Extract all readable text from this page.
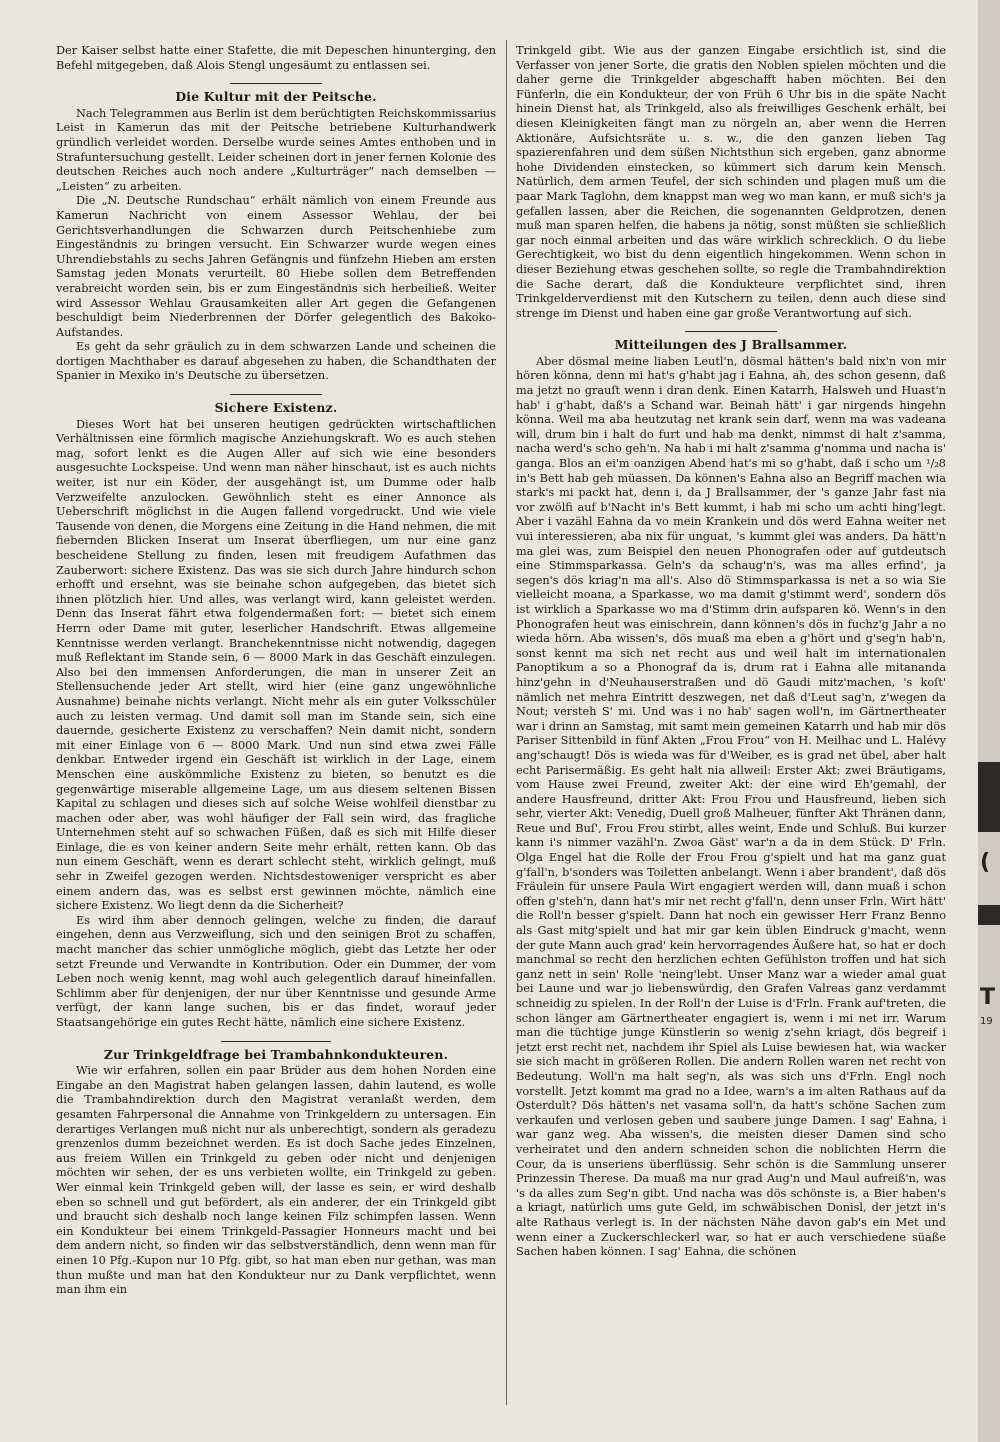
Der Kaiser selbst hatte einer Stafette, die mit Depeschen hinunterging, den Befehl mitgegeben, daß Alois Stengl ungesäumt zu entlassen sei.

Die Kultur mit der Peitsche.

Nach Telegrammen aus Berlin ist dem berüchtigten Reichskommissarius Leist in Kamerun das mit der Peitsche betriebene Kulturhandwerk gründlich verleidet worden. Derselbe wurde seines Amtes enthoben und in Strafuntersuchung gestellt. Leider scheinen dort in jener fernen Kolonie des deutschen Reiches auch noch andere „Kulturträger“ nach demselben — „Leisten“ zu arbeiten.

Die „N. Deutsche Rundschau“ erhält nämlich von einem Freunde aus Kamerun Nachricht von einem Assessor Wehlau, der bei Gerichtsverhandlungen die Schwarzen durch Peitschenhiebe zum Eingeständnis zu bringen versucht. Ein Schwarzer wurde wegen eines Uhrendiebstahls zu sechs Jahren Gefängnis und fünfzehn Hieben am ersten Samstag jeden Monats verurteilt. 80 Hiebe sollen dem Betreffenden verabreicht worden sein, bis er zum Eingeständnis sich herbeiließ. Weiter wird Assessor Wehlau Grausamkeiten aller Art gegen die Gefangenen beschuldigt beim Niederbrennen der Dörfer gelegentlich des Bakoko-Aufstandes.

Es geht da sehr gräulich zu in dem schwarzen Lande und scheinen die dortigen Machthaber es darauf abgesehen zu haben, die Schandthaten der Spanier in Mexiko in's Deutsche zu übersetzen.

Sichere Existenz.

Dieses Wort hat bei unseren heutigen gedrückten wirtschaftlichen Verhältnissen eine förmlich magische Anziehungskraft. Wo es auch stehen mag, sofort lenkt es die Augen Aller auf sich wie eine besonders ausgesuchte Lockspeise. Und wenn man näher hinschaut, ist es auch nichts weiter, ist nur ein Köder, der ausgehängt ist, um Dumme oder halb Verzweifelte anzulocken. Gewöhnlich steht es einer Annonce als Ueberschrift möglichst in die Augen fallend vorgedruckt. Und wie viele Tausende von denen, die Morgens eine Zeitung in die Hand nehmen, die mit fiebernden Blicken Inserat um Inserat überfliegen, um nur eine ganz bescheidene Stellung zu finden, lesen mit freudigem Aufathmen das Zauberwort: sichere Existenz. Das was sie sich durch Jahre hindurch schon erhofft und ersehnt, was sie beinahe schon aufgegeben, das bietet sich ihnen plötzlich hier. Und alles, was verlangt wird, kann geleistet werden. Denn das Inserat fährt etwa folgendermaßen fort: — bietet sich einem Herrn oder Dame mit guter, leserlicher Handschrift. Etwas allgemeine Kenntnisse werden verlangt. Branchekenntnisse nicht notwendig, dagegen muß Reflektant im Stande sein, 6 — 8000 Mark in das Geschäft einzulegen. Also bei den immensen Anforderungen, die man in unserer Zeit an Stellensuchende jeder Art stellt, wird hier (eine ganz ungewöhnliche Ausnahme) beinahe nichts verlangt. Nicht mehr als ein guter Volksschüler auch zu leisten vermag. Und damit soll man im Stande sein, sich eine dauernde, gesicherte Existenz zu verschaffen? Nein damit nicht, sondern mit einer Einlage von 6 — 8000 Mark. Und nun sind etwa zwei Fälle denkbar. Entweder irgend ein Geschäft ist wirklich in der Lage, einem Menschen eine auskömmliche Existenz zu bieten, so benutzt es die gegenwärtige miserable allgemeine Lage, um aus diesem seltenen Bissen Kapital zu schlagen und dieses sich auf solche Weise wohlfeil dienstbar zu machen oder aber, was wohl häufiger der Fall sein wird, das fragliche Unternehmen steht auf so schwachen Füßen, daß es sich mit Hilfe dieser Einlage, die es von keiner andern Seite mehr erhält, retten kann. Ob das nun einem Geschäft, wenn es derart schlecht steht, wirklich gelingt, muß sehr in Zweifel gezogen werden. Nichtsdestoweniger verspricht es aber einem andern das, was es selbst erst gewinnen möchte, nämlich eine sichere Existenz. Wo liegt denn da die Sicherheit?

Es wird ihm aber dennoch gelingen, welche zu finden, die darauf eingehen, denn aus Verzweiflung, sich und den seinigen Brot zu schaffen, macht mancher das schier unmögliche möglich, giebt das Letzte her oder setzt Freunde und Verwandte in Kontribution. Oder ein Dummer, der vom Leben noch wenig kennt, mag wohl auch gelegentlich darauf hineinfallen. Schlimm aber für denjenigen, der nur über Kenntnisse und gesunde Arme verfügt, der kann lange suchen, bis er das findet, worauf jeder Staatsangehörige ein gutes Recht hätte, nämlich eine sichere Existenz.

Zur Trinkgeldfrage bei Trambahnkondukteuren.

Wie wir erfahren, sollen ein paar Brüder aus dem hohen Norden eine Eingabe an den Magistrat haben gelangen lassen, dahin lautend, es wolle die Trambahndirektion durch den Magistrat veranlaßt werden, dem gesamten Fahrpersonal die Annahme von Trinkgeldern zu untersagen. Ein derartiges Verlangen muß nicht nur als unberechtigt, sondern als geradezu grenzenlos dumm bezeichnet werden. Es ist doch Sache jedes Einzelnen, aus freiem Willen ein Trinkgeld zu geben oder nicht und denjenigen möchten wir sehen, der es uns verbieten wollte, ein Trinkgeld zu geben. Wer einmal kein Trinkgeld geben will, der lasse es sein, er wird deshalb eben so schnell und gut befördert, als ein anderer, der ein Trinkgeld gibt und braucht sich deshalb noch lange keinen Filz schimpfen lassen. Wenn ein Kondukteur bei einem Trinkgeld-Passagier Honneurs macht und bei dem andern nicht, so finden wir das selbstverständlich, denn wenn man für einen 10 Pfg.-Kupon nur 10 Pfg. gibt, so hat man eben nur gethan, was man thun mußte und man hat den Kondukteur nur zu Dank verpflichtet, wenn man ihm ein

Trinkgeld gibt. Wie aus der ganzen Eingabe ersichtlich ist, sind die Verfasser von jener Sorte, die gratis den Noblen spielen möchten und die daher gerne die Trinkgelder abgeschafft haben möchten. Bei den Fünferln, die ein Kondukteur, der von Früh 6 Uhr bis in die späte Nacht hinein Dienst hat, als Trinkgeld, also als freiwilliges Geschenk erhält, bei diesen Kleinigkeiten fängt man zu nörgeln an, aber wenn die Herren Aktionäre, Aufsichtsräte u. s. w., die den ganzen lieben Tag spazierenfahren und dem süßen Nichtsthun sich ergeben, ganz abnorme hohe Dividenden einstecken, so kümmert sich darum kein Mensch. Natürlich, dem armen Teufel, der sich schinden und plagen muß um die paar Mark Taglohn, dem knappst man weg wo man kann, er muß sich's ja gefallen lassen, aber die Reichen, die sogenannten Geldprotzen, denen muß man sparen helfen, die habens ja nötig, sonst müßten sie schließlich gar noch einmal arbeiten und das wäre wirklich schrecklich. O du liebe Gerechtigkeit, wo bist du denn eigentlich hingekommen. Wenn schon in dieser Beziehung etwas geschehen sollte, so regle die Trambahndirektion die Sache derart, daß die Kondukteure verpflichtet sind, ihren Trinkgelderverdienst mit den Kutschern zu teilen, denn auch diese sind strenge im Dienst und haben eine gar große Verantwortung auf sich.

Mitteilungen des J Brallsammer.

Aber dösmal meine liaben Leutl'n, dösmal hätten's bald nix'n von mir hören könna, denn mi hat's g'habt jag i Eahna, ah, des schon gesenn, daß ma jetzt no grauſt wenn i dran denk. Einen Katarrh, Halsweh und Huast'n hab' i g'habt, daß's a Schand war. Beinah hätt' i gar nirgends hingehn könna. Weil ma aba heutzutag net krank sein darf, wenn ma was vadeana will, drum bin i halt do furt und hab ma denkt, nimmst di halt z'samma, nacha werd's scho geh'n. Na hab i mi halt z'samma g'nomma und nacha is' ganga. Blos an ei'm oanzigen Abend hat's mi so g'habt, daß i scho um ¹/₂8 in's Bett hab geh müassen. Da können's Eahna also an Begriff machen wia stark's mi packt hat, denn i, da J Brallsammer, der 's ganze Jahr fast nia vor zwölfi auf b'Nacht in's Bett kummt, i hab mi scho um achti hing'legt. Aber i vazähl Eahna da vo mein Krankein und dös werd Eahna weiter net vui interessieren, aba nix für unguat, 's kummt glei was anders. Da hätt'n ma glei was, zum Beispiel den neuen Phonografen oder auf gutdeutsch eine Stimmsparkassa. Geln's da schaug'n's, was ma alles erfind', ja segen's dös kriag'n ma all's. Also dö Stimmsparkassa is net a so wia Sie vielleicht moana, a Sparkasse, wo ma damit g'stimmt werd', sondern dös ist wirklich a Sparkasse wo ma d'Stimm drin aufsparen kö. Wenn's in den Phonografen heut was einischrein, dann können's dös in fuchz'g Jahr a no wieda hörn. Aba wissen's, dös muaß ma eben a g'hört und g'seg'n hab'n, sonst kennt ma sich net recht aus und weil halt im internationalen Panoptikum a so a Phonograf da is, drum rat i Eahna alle mitananda hinz'gehn in d'Neuhauserstraßen und dö Gaudi mitz'machen, 's koſt' nämlich net mehra Eintritt deszwegen, net daß d'Leut sag'n, z'wegen da Nout; versteh S' mi. Und was i no hab' sagen woll'n, im Gärtnertheater war i drinn an Samstag, mit samt mein gemeinen Katarrh und hab mir dös Pariser Sittenbild in fünf Akten „Frou Frou“ von H. Meilhac und L. Halévy ang'schaugt! Dös is wieda was für d'Weiber, es is grad net übel, aber halt echt Parisermäßig. Es geht halt nia allweil: Erster Akt: zwei Bräutigams, vom Hause zwei Freund, zweiter Akt: der eine wird Eh'gemahl, der andere Hausfreund, dritter Akt: Frou Frou und Hausfreund, lieben sich sehr, vierter Akt: Venedig, Duell groß Malheuer, fünfter Akt Thränen dann, Reue und Buſ', Frou Frou stirbt, alles weint, Ende und Schluß. Bui kurzer kann i's nimmer vazähl'n. Zwoa Gäst' war'n a da in dem Stück. D' Frln. Olga Engel hat die Rolle der Frou Frou g'spielt und hat ma ganz guat g'fall'n, b'sonders was Toiletten anbelangt. Wenn i aber brandent', daß dös Fräulein für unsere Paula Wirt engagiert werden will, dann muaß i schon offen g'steh'n, dann hat's mir net recht g'fall'n, denn unser Frln. Wirt hätt' die Roll'n besser g'spielt. Dann hat noch ein gewisser Herr Franz Benno als Gast mitg'spielt und hat mir gar kein üblen Eindruck g'macht, wenn der gute Mann auch grad' kein hervorragendes Äußere hat, so hat er doch manchmal so recht den herzlichen echten Gefühlston troffen und hat sich ganz nett in sein' Rolle 'neing'lebt. Unser Manz war a wieder amal guat bei Laune und war jo liebenswürdig, den Grafen Valreas ganz verdammt schneidig zu spielen. In der Roll'n der Luise is d'Frln. Frank auf'treten, die schon länger am Gärtnertheater engagiert is, wenn i mi net irr. Warum man die tüchtige junge Künstlerin so wenig z'sehn kriagt, dös begreif i jetzt erst recht net, nachdem ihr Spiel als Luise bewiesen hat, wia wacker sie sich macht in größeren Rollen. Die andern Rollen waren net recht von Bedeutung. Woll'n ma halt seg'n, als was sich uns d'Frln. Engl noch vorstellt. Jetzt kommt ma grad no a Idee, warn's a im alten Rathaus auf da Osterdult? Dös hätten's net vasama soll'n, da hatt's schöne Sachen zum verkaufen und verlosen geben und saubere junge Damen. I sag' Eahna, i war ganz weg. Aba wissen's, die meisten dieser Damen sind scho verheiratet und den andern schneiden schon die noblichten Herrn die Cour, da is unseriens überflüssig. Sehr schön is die Sammlung unserer Prinzessin Therese. Da muaß ma nur grad Aug'n und Maul aufreiß'n, was 's da alles zum Seg'n gibt. Und nacha was dös schönste is, a Bier haben's a kriagt, natürlich ums gute Geld, im schwäbischen Donisl, der jetzt in's alte Rathaus verlegt is. In der nächsten Nähe davon gab's ein Met und wenn einer a Zuckerschleckerl war, so hat er auch verschiedene süaße Sachen haben können. I sag' Eahna, die schönen

(
T
19
